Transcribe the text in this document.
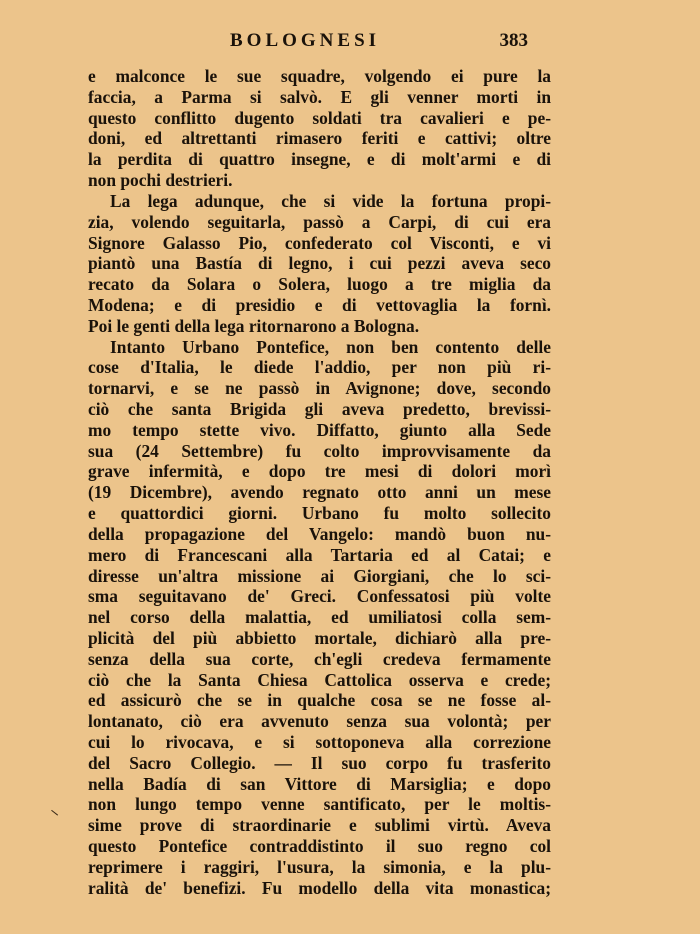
BOLOGNESI	383
e malconce le sue squadre, volgendo ei pure la
faccia, a Parma si salvò. E gli venner morti in
questo conflitto dugento soldati tra cavalieri e pe-
doni, ed altrettanti rimasero feriti e cattivi; oltre
la perdita di quattro insegne, e di molt'armi e di
non pochi destrieri.
La lega adunque, che si vide la fortuna propi-
zia, volendo seguitarla, passò a Carpi, di cui era
Signore Galasso Pio, confederato col Visconti, e vi
piantò una Bastía di legno, i cui pezzi aveva seco
recato da Solara o Solera, luogo a tre miglia da
Modena; e di presidio e di vettovaglia la fornì.
Poi le genti della lega ritornarono a Bologna.
Intanto Urbano Pontefice, non ben contento delle
cose d'Italia, le diede l'addio, per non più ri-
tornarvi, e se ne passò in Avignone; dove, secondo
ciò che santa Brigida gli aveva predetto, brevissi-
mo tempo stette vivo. Diffatto, giunto alla Sede
sua (24 Settembre) fu colto improvvisamente da
grave infermità, e dopo tre mesi di dolori morì
(19 Dicembre), avendo regnato otto anni un mese
e quattordici giorni. Urbano fu molto sollecito
della propagazione del Vangelo: mandò buon nu-
mero di Francescani alla Tartaria ed al Catai; e
diresse un'altra missione ai Giorgiani, che lo sci-
sma seguitavano de' Greci. Confessatosi più volte
nel corso della malattia, ed umiliatosi colla sem-
plicità del più abbietto mortale, dichiarò alla pre-
senza della sua corte, ch'egli credeva fermamente
ciò che la Santa Chiesa Cattolica osserva e crede;
ed assicurò che se in qualche cosa se ne fosse al-
lontanato, ciò era avvenuto senza sua volontà; per
cui lo rivocava, e si sottoponeva alla correzione
del Sacro Collegio. — Il suo corpo fu trasferito
nella Badía di san Vittore di Marsiglia; e dopo
non lungo tempo venne santificato, per le moltis-
sime prove di straordinarie e sublimi virtù. Aveva
questo Pontefice contraddistinto il suo regno col
reprimere i raggiri, l'usura, la simonia, e la plu-
ralità de' benefizi. Fu modello della vita monastica;
